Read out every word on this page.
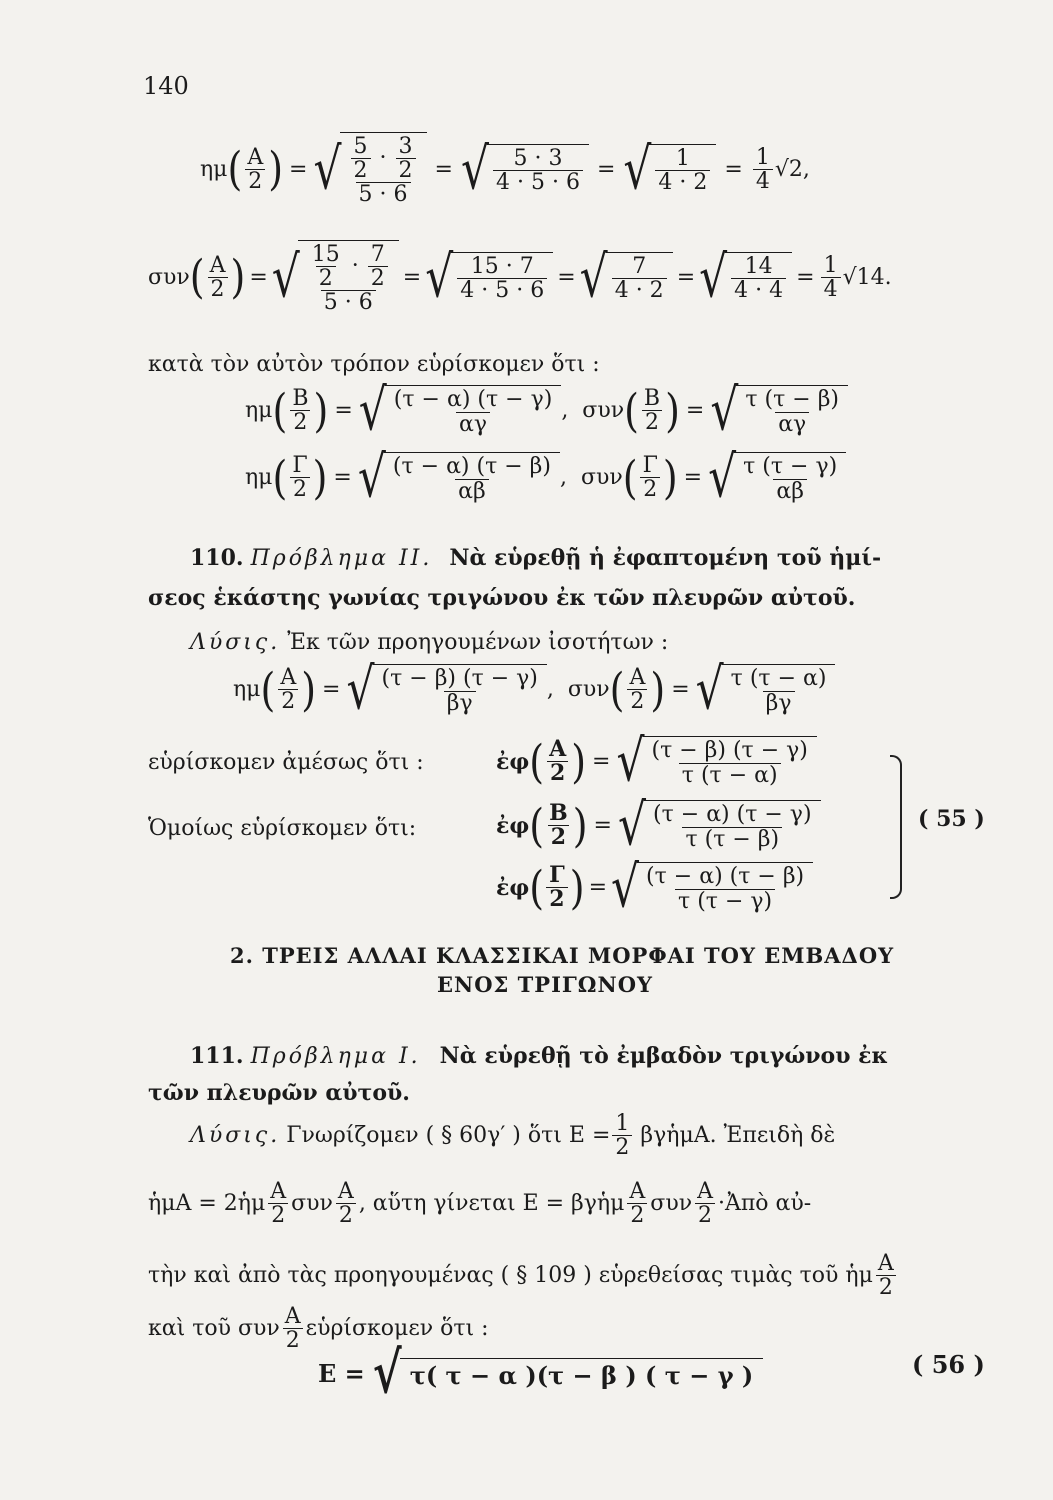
140
ημ ( $\frac{A}{2}$ ) = √ $\frac{\frac{5}{2} \cdot \frac{3}{2}}{5 \cdot 6}$ = √ $\frac{5 \cdot 3}{4 \cdot 5 \cdot 6}$ = √ $\frac{1}{4 \cdot 2} = \frac{1}{4} √2$,
συν ( $\frac{A}{2}$ ) = √ $\frac{\frac{15}{2} \cdot \frac{7}{2}}{5 \cdot 6}$ = √ $\frac{15 \cdot 7}{4 \cdot 5 \cdot 6}$ = √ $\frac{7}{4 \cdot 2}$ = √ $\frac{14}{4 \cdot 4} = \frac{1}{4} √14$.
κατὰ τὸν αὐτὸν τρόπον εὑρίσκομεν ὅτι :
ημ ( $\frac{B}{2}$ ) = √ $\frac{(\tau - \alpha) (\tau - \gamma)}{\alpha\gamma}$ , συν ( $\frac{B}{2}$ ) = √ $\frac{\tau (\tau - \beta)}{\alpha\gamma}$
ημ ( $\frac{\Gamma}{2}$ ) = √ $\frac{(\tau - \alpha) (\tau - \beta)}{\alpha\beta}$ , συν ( $\frac{\Gamma}{2}$ ) = √ $\frac{\tau (\tau - \gamma)}{\alpha\beta}$
110. Πρόβλημα ΙΙ. Νὰ εὑρεθῇ ἡ ἐφαπτομένη τοῦ ἡμί-
σεος ἑκάστης γωνίας τριγώνου ἐκ τῶν πλευρῶν αὐτοῦ.
Λύσις. Ἐκ τῶν προηγουμένων ἰσοτήτων :
ημ ( $\frac{A}{2}$ ) = √ $\frac{(\tau - \beta) (\tau - \gamma)}{\beta\gamma}$ , συν ( $\frac{A}{2}$ ) = √ $\frac{\tau (\tau - \alpha)}{\beta\gamma}$
εὑρίσκομεν ἀμέσως ὅτι :
Ὁμοίως εὑρίσκομεν ὅτι:
ἐφ ( $\frac{A}{2}$ ) = √ $\frac{(\tau - \beta) (\tau - \gamma)}{\tau (\tau - \alpha)}$
ἐφ ( $\frac{B}{2}$ ) = √ $\frac{(\tau - \alpha) (\tau - \gamma)}{\tau (\tau - \beta)}$
ἐφ ( $\frac{\Gamma}{2}$ ) = √ $\frac{(\tau - \alpha) (\tau - \beta)}{\tau (\tau - \gamma)}$
( 55 )
2. ΤΡΕΙΣ ΑΛΛΑΙ ΚΛΑΣΣΙΚΑΙ ΜΟΡΦΑΙ ΤΟΥ ΕΜΒΑΔΟΥ
ΕΝΟΣ ΤΡΙΓΩΝΟΥ
111. Πρόβλημα Ι. Νὰ εὑρεθῇ τὸ ἐμβαδὸν τριγώνου ἐκ
τῶν πλευρῶν αὐτοῦ.
Λύσις. Γνωρίζομεν ( § 60γ′ ) ὅτι $E = \frac{1}{2}$ βγἡμΑ. Ἐπειδὴ δὲ
ἡμΑ = 2ἡμ $\frac{A}{2}$ συν $\frac{A}{2}$ , αὕτη γίνεται Ε = βγἡμ $\frac{A}{2}$ συν $\frac{A}{2}$ ·Ἀπὸ αὐ-
τὴν καὶ ἀπὸ τὰς προηγουμένας ( § 109 ) εὑρεθείσας τιμὰς τοῦ ἡμ $\frac{A}{2}$
καὶ τοῦ συν $\frac{A}{2}$ εὑρίσκομεν ὅτι :
Ε = √ τ( τ − α )(τ − β ) ( τ − γ )	( 56 )
